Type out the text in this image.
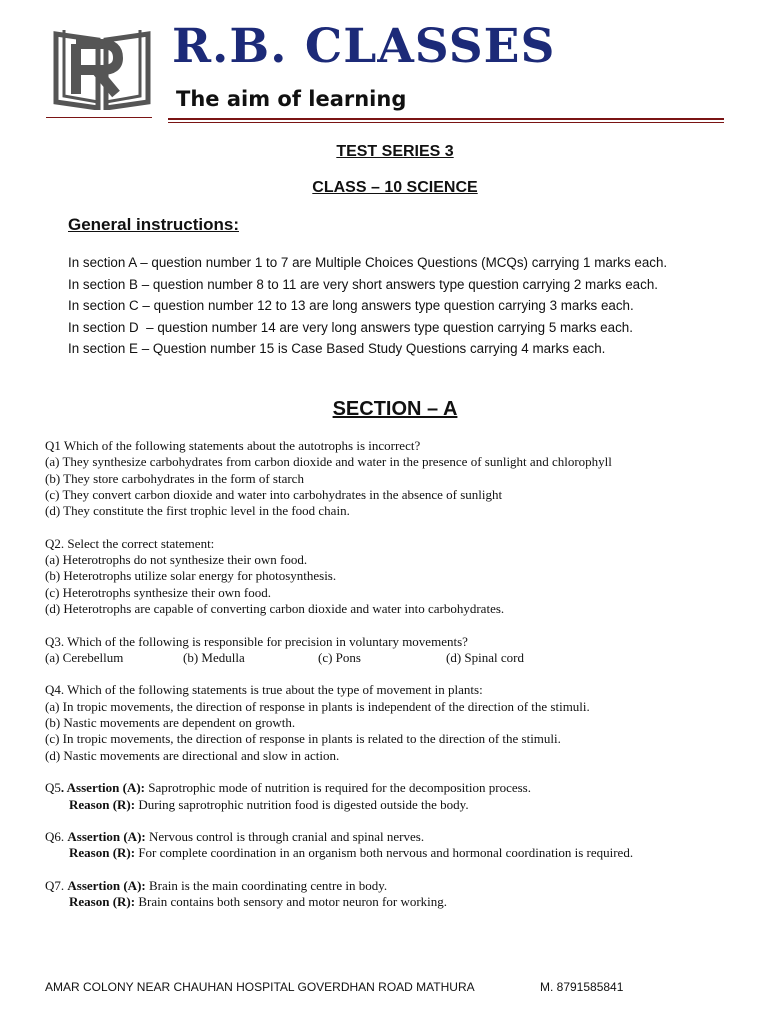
R.B. CLASSES
The aim of learning
TEST SERIES 3
CLASS – 10 SCIENCE
General instructions:
In section A – question number 1 to 7 are Multiple Choices Questions (MCQs) carrying 1 marks each.
In section B – question number 8 to 11 are very short answers type question carrying 2 marks each.
In section C – question number 12 to 13 are long answers type question carrying 3 marks each.
In section D  – question number 14 are very long answers type question carrying 5 marks each.
In section E – Question number 15 is Case Based Study Questions carrying 4 marks each.
SECTION – A
Q1 Which of the following statements about the autotrophs is incorrect?
(a) They synthesize carbohydrates from carbon dioxide and water in the presence of sunlight and chlorophyll
(b) They store carbohydrates in the form of starch
(c) They convert carbon dioxide and water into carbohydrates in the absence of sunlight
(d) They constitute the first trophic level in the food chain.
Q2. Select the correct statement:
(a) Heterotrophs do not synthesize their own food.
(b) Heterotrophs utilize solar energy for photosynthesis.
(c) Heterotrophs synthesize their own food.
(d) Heterotrophs are capable of converting carbon dioxide and water into carbohydrates.
Q3. Which of the following is responsible for precision in voluntary movements?
(a) Cerebellum	(b) Medulla	(c) Pons	(d) Spinal cord
Q4. Which of the following statements is true about the type of movement in plants:
(a) In tropic movements, the direction of response in plants is independent of the direction of the stimuli.
(b) Nastic movements are dependent on growth.
(c) In tropic movements, the direction of response in plants is related to the direction of the stimuli.
(d) Nastic movements are directional and slow in action.
Q5. Assertion (A): Saprotrophic mode of nutrition is required for the decomposition process.
Reason (R): During saprotrophic nutrition food is digested outside the body.
Q6. Assertion (A): Nervous control is through cranial and spinal nerves.
Reason (R): For complete coordination in an organism both nervous and hormonal coordination is required.
Q7. Assertion (A): Brain is the main coordinating centre in body.
Reason (R): Brain contains both sensory and motor neuron for working.
AMAR COLONY NEAR CHAUHAN HOSPITAL GOVERDHAN ROAD MATHURA	M. 8791585841
